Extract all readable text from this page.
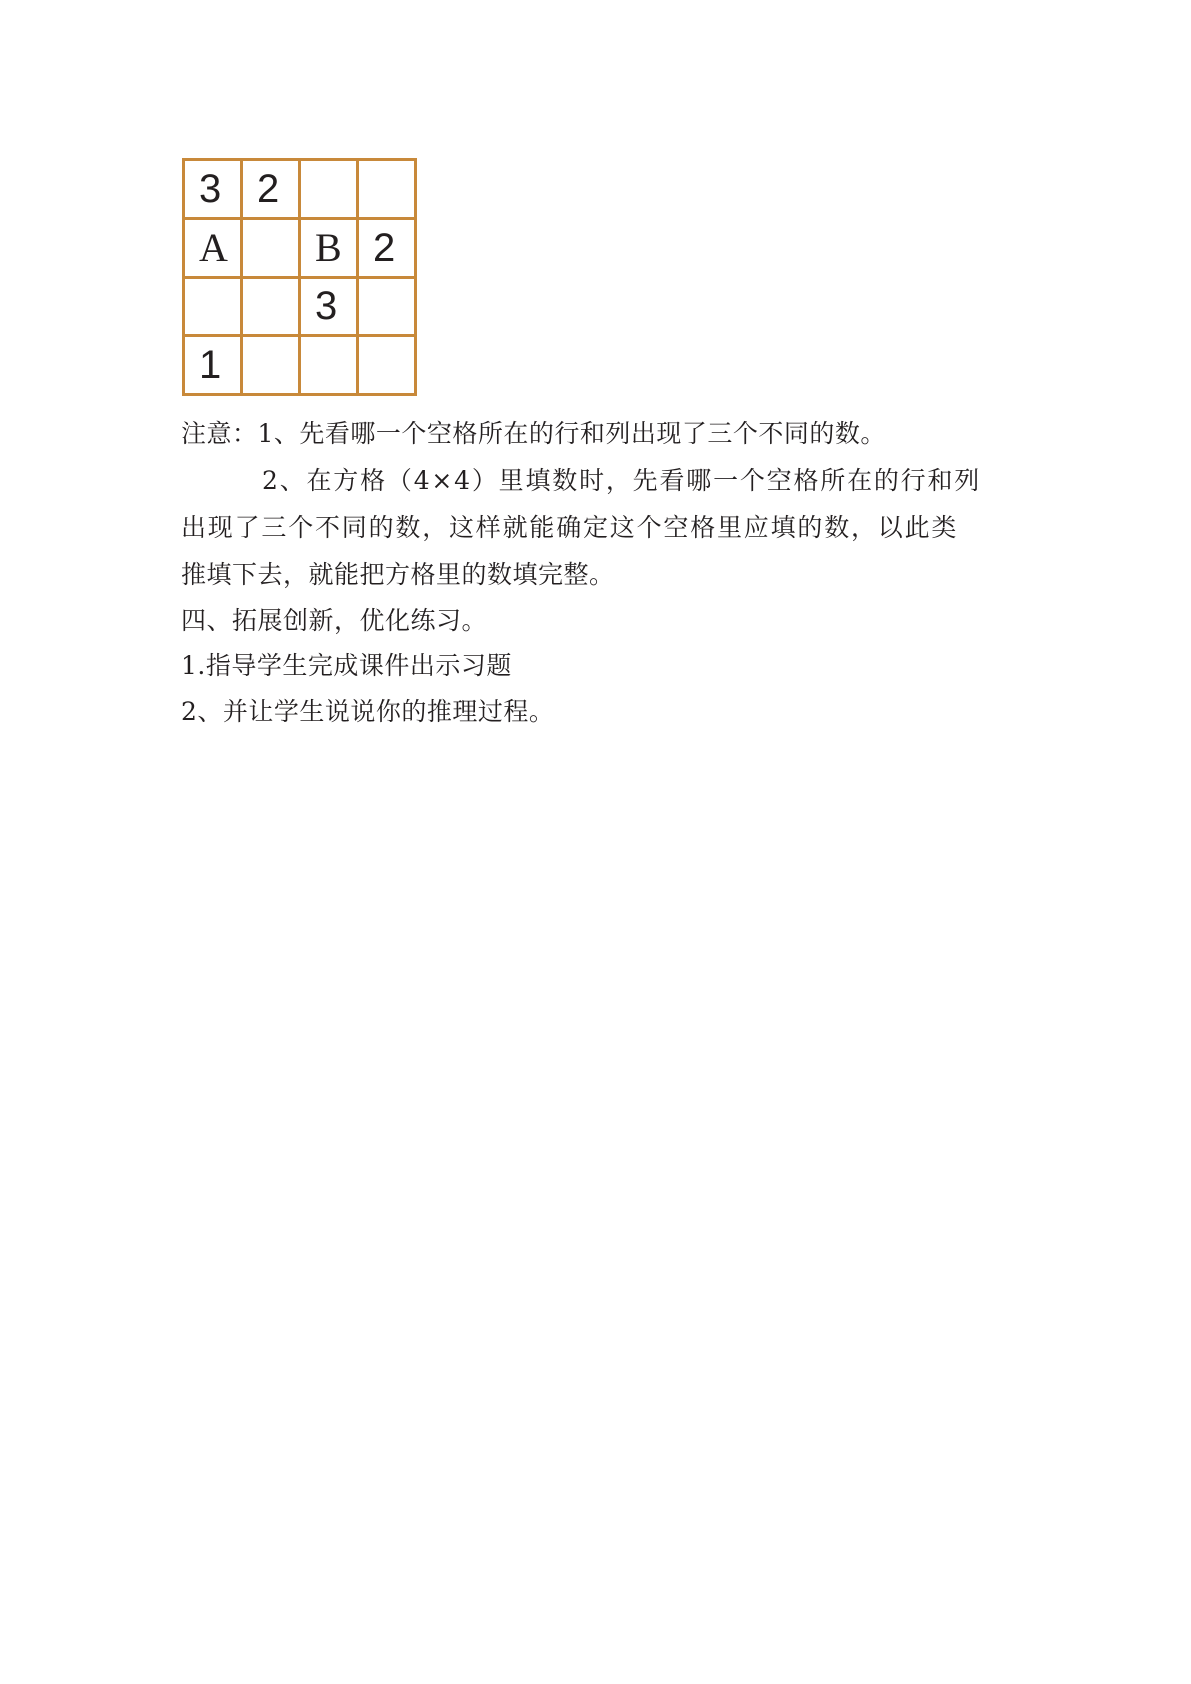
3	2		
A		B	2
		3	
1			
注意：1、先看哪一个空格所在的行和列出现了三个不同的数。
2、在方格（4×4）里填数时，先看哪一个空格所在的行和列
出现了三个不同的数，这样就能确定这个空格里应填的数，以此类
推填下去，就能把方格里的数填完整。
四、拓展创新，优化练习。
1.指导学生完成课件出示习题
2、并让学生说说你的推理过程。
